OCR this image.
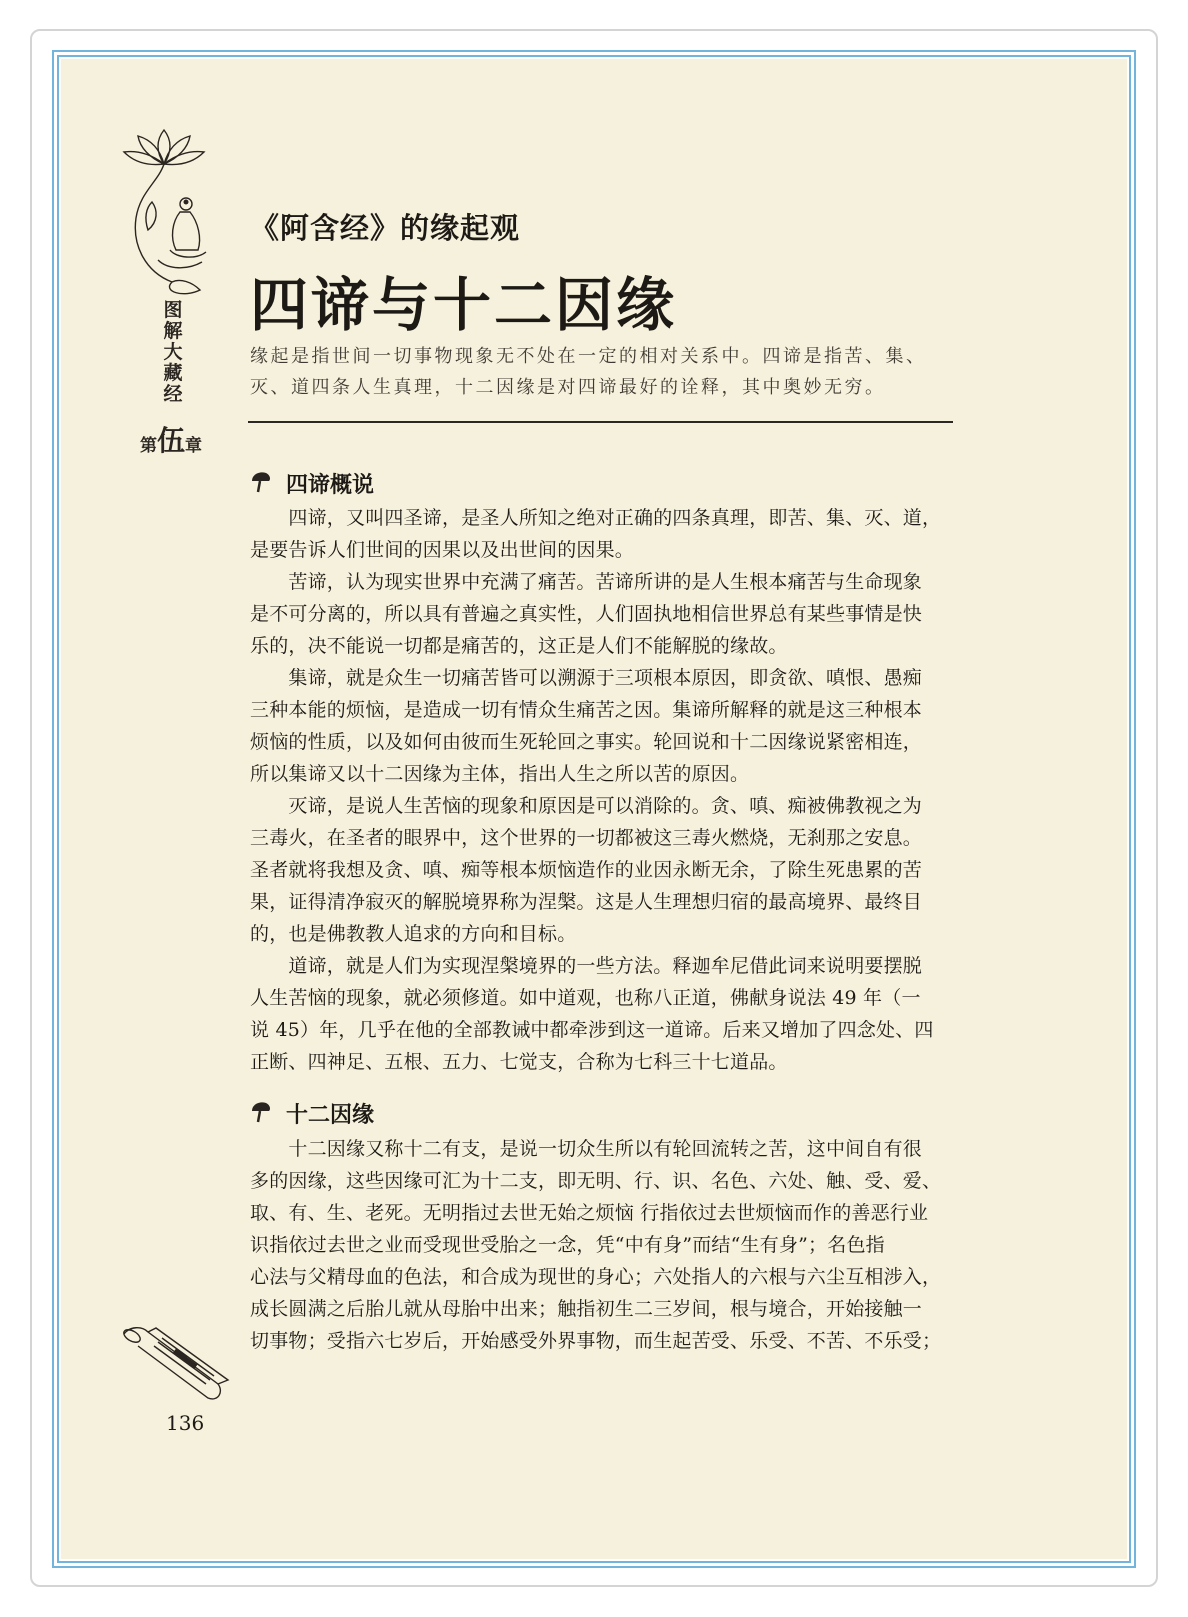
图
解
大
藏
经
第 伍 章
《阿含经》的缘起观
四谛与十二因缘
缘起是指世间一切事物现象无不处在一定的相对关系中。四谛是指苦、集、
灭、道四条人生真理，十二因缘是对四谛最好的诠释，其中奥妙无穷。
四谛概说
　　四谛，又叫四圣谛，是圣人所知之绝对正确的四条真理，即苦、集、灭、道，
是要告诉人们世间的因果以及出世间的因果。
　　苦谛，认为现实世界中充满了痛苦。苦谛所讲的是人生根本痛苦与生命现象
是不可分离的，所以具有普遍之真实性，人们固执地相信世界总有某些事情是快
乐的，决不能说一切都是痛苦的，这正是人们不能解脱的缘故。
　　集谛，就是众生一切痛苦皆可以溯源于三项根本原因，即贪欲、嗔恨、愚痴
三种本能的烦恼，是造成一切有情众生痛苦之因。集谛所解释的就是这三种根本
烦恼的性质，以及如何由彼而生死轮回之事实。轮回说和十二因缘说紧密相连，
所以集谛又以十二因缘为主体，指出人生之所以苦的原因。
　　灭谛，是说人生苦恼的现象和原因是可以消除的。贪、嗔、痴被佛教视之为
三毒火，在圣者的眼界中，这个世界的一切都被这三毒火燃烧，无刹那之安息。
圣者就将我想及贪、嗔、痴等根本烦恼造作的业因永断无余，了除生死患累的苦
果，证得清净寂灭的解脱境界称为涅槃。这是人生理想归宿的最高境界、最终目
的，也是佛教教人追求的方向和目标。
　　道谛，就是人们为实现涅槃境界的一些方法。释迦牟尼借此词来说明要摆脱
人生苦恼的现象，就必须修道。如中道观，也称八正道，佛献身说法 49 年（一
说 45）年，几乎在他的全部教诫中都牵涉到这一道谛。后来又增加了四念处、四
正断、四神足、五根、五力、七觉支，合称为七科三十七道品。
十二因缘
　　十二因缘又称十二有支，是说一切众生所以有轮回流转之苦，这中间自有很
多的因缘，这些因缘可汇为十二支，即无明、行、识、名色、六处、触、受、爱、
取、有、生、老死。无明指过去世无始之烦恼 行指依过去世烦恼而作的善恶行业
识指依过去世之业而受现世受胎之一念，凭“中有身”而结“生有身”；名色指
心法与父精母血的色法，和合成为现世的身心；六处指人的六根与六尘互相涉入，
成长圆满之后胎儿就从母胎中出来；触指初生二三岁间，根与境合，开始接触一
切事物；受指六七岁后，开始感受外界事物，而生起苦受、乐受、不苦、不乐受；
136
